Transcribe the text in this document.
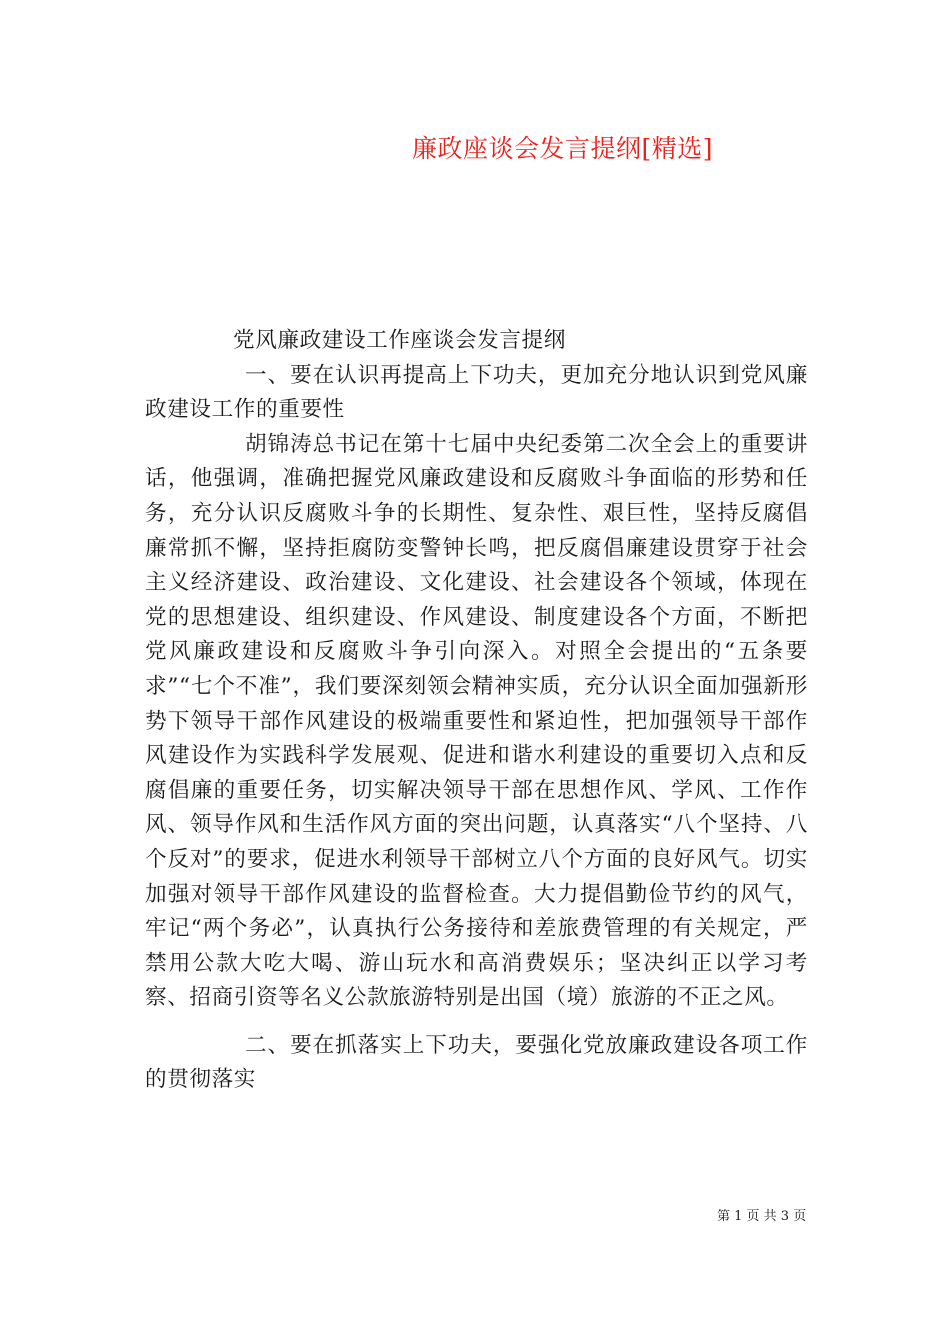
廉政座谈会发言提纲[精选]

党风廉政建设工作座谈会发言提纲

一、要在认识再提高上下功夫，更加充分地认识到党风廉政建设工作的重要性

胡锦涛总书记在第十七届中央纪委第二次全会上的重要讲话，他强调，准确把握党风廉政建设和反腐败斗争面临的形势和任务，充分认识反腐败斗争的长期性、复杂性、艰巨性，坚持反腐倡廉常抓不懈，坚持拒腐防变警钟长鸣，把反腐倡廉建设贯穿于社会主义经济建设、政治建设、文化建设、社会建设各个领域，体现在党的思想建设、组织建设、作风建设、制度建设各个方面，不断把党风廉政建设和反腐败斗争引向深入。对照全会提出的“五条要求”“七个不准”，我们要深刻领会精神实质，充分认识全面加强新形势下领导干部作风建设的极端重要性和紧迫性，把加强领导干部作风建设作为实践科学发展观、促进和谐水利建设的重要切入点和反腐倡廉的重要任务，切实解决领导干部在思想作风、学风、工作作风、领导作风和生活作风方面的突出问题，认真落实“八个坚持、八个反对”的要求，促进水利领导干部树立八个方面的良好风气。切实加强对领导干部作风建设的监督检查。大力提倡勤俭节约的风气，牢记“两个务必”，认真执行公务接待和差旅费管理的有关规定，严禁用公款大吃大喝、游山玩水和高消费娱乐；坚决纠正以学习考察、招商引资等名义公款旅游特别是出国（境）旅游的不正之风。

二、要在抓落实上下功夫，要强化党放廉政建设各项工作的贯彻落实

第 1 页 共 3 页
